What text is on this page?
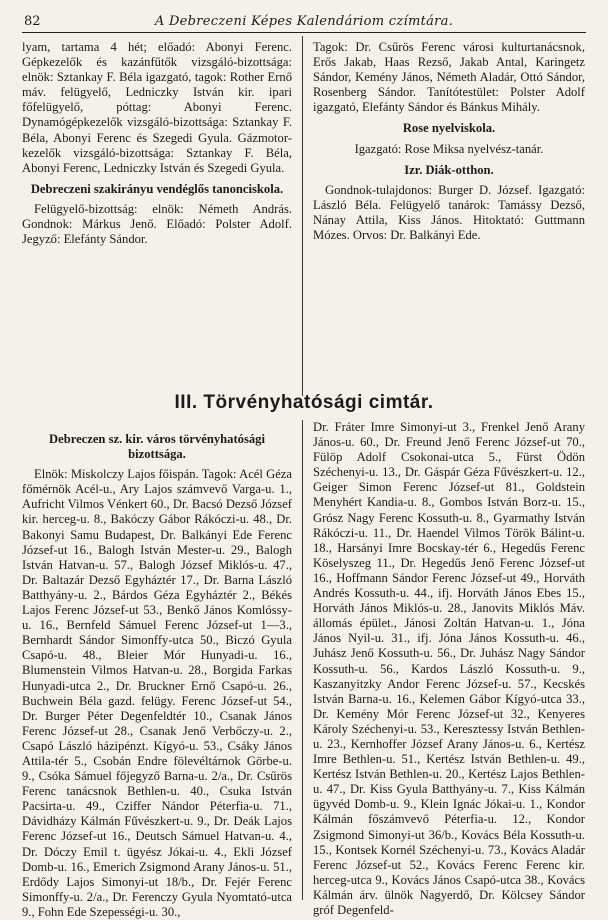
82	A Debreczeni Képes Kalendáriom czímtára.

lyam, tartama 4 hét; előadó: Abonyi Ferenc. Gépkezelők és kazánfűtők vizsgáló-bizottsága: elnök: Sztankay F. Béla igazgató, tagok: Rother Ernő máv. felügyelő, Ledniczky István kir. ipari főfelügyelő, póttag: Abonyi Ferenc. Dynamógépkezelők vizsgáló-bizottsága: Sztankay F. Béla, Abonyi Ferenc és Szegedi Gyula. Gázmotor-kezelők vizsgáló-bizottsága: Sztankay F. Béla, Abonyi Ferenc, Ledniczky István és Szegedi Gyula.

Debreczeni szakirányu vendéglős tanonciskola.

Felügyelő-bizottság: elnök: Németh András. Gondnok: Márkus Jenő. Előadó: Polster Adolf. Jegyző: Elefánty Sándor.

Tagok: Dr. Csűrös Ferenc városi kulturtanácsnok, Erős Jakab, Haas Rezső, Jakab Antal, Karingetz Sándor, Kemény János, Németh Aladár, Ottó Sándor, Rosenberg Sándor. Tanítótestület: Polster Adolf igazgató, Elefánty Sándor és Bánkus Mihály.

Rose nyelviskola.

Igazgató: Rose Miksa nyelvész-tanár.

Izr. Diák-otthon.

Gondnok-tulajdonos: Burger D. József. Igazgató: László Béla. Felügyelő tanárok: Tamássy Dezső, Nánay Attila, Kiss János. Hitoktató: Guttmann Mózes. Orvos: Dr. Balkányi Ede.

III. Törvényhatósági cimtár.

Debreczen sz. kir. város törvényhatósági bizottsága.

Elnök: Miskolczy Lajos főispán. Tagok: Acél Géza főmérnök Acél-u., Ary Lajos számvevő Varga-u. 1., Aufricht Vilmos Vénkert 60., Dr. Bacsó Dezső József kir. herceg-u. 8., Bakóczy Gábor Rákóczi-u. 48., Dr. Bakonyi Samu Budapest, Dr. Balkányi Ede Ferenc József-ut 16., Balogh István Mester-u. 29., Balogh István Hatvan-u. 57., Balogh József Miklós-u. 47., Dr. Baltazár Dezső Egyháztér 17., Dr. Barna László Batthyány-u. 2., Bárdos Géza Egyháztér 2., Békés Lajos Ferenc József-ut 53., Benkő János Komlóssy-u. 16., Bernfeld Sámuel Ferenc József-ut 1—3., Bernhardt Sándor Simonffy-utca 50., Biczó Gyula Csapó-u. 48., Bleier Mór Hunyadi-u. 16., Blumenstein Vilmos Hatvan-u. 28., Borgida Farkas Hunyadi-utca 2., Dr. Bruckner Ernő Csapó-u. 26., Buchwein Béla gazd. felügy. Ferenc József-ut 54., Dr. Burger Péter Degenfeldtér 10., Csanak János Ferenc József-ut 28., Csanak Jenő Verbőczy-u. 2., Csapó László házipénzt. Kígyó-u. 53., Csáky János Attila-tér 5., Csobán Endre fölevéltárnok Görbe-u. 9., Csóka Sámuel főjegyző Barna-u. 2/a., Dr. Csűrös Ferenc tanácsnok Bethlen-u. 40., Csuka István Pacsirta-u. 49., Cziffer Nándor Péterfia-u. 71., Dávidházy Kálmán Fűvészkert-u. 9., Dr. Deák Lajos Ferenc József-ut 16., Deutsch Sámuel Hatvan-u. 4., Dr. Dóczy Emil t. ügyész Jókai-u. 4., Ekli József Domb-u. 16., Emerich Zsigmond Arany János-u. 51., Erdődy Lajos Simonyi-ut 18/b., Dr. Fejér Ferenc Simonffy-u. 2/a., Dr. Ferenczy Gyula Nyomtató-utca 9., Fohn Ede Szepességi-u. 30.,

Dr. Fráter Imre Simonyi-ut 3., Frenkel Jenő Arany János-u. 60., Dr. Freund Jenő Ferenc József-ut 70., Fülöp Adolf Csokonai-utca 5., Fürst Ödön Széchenyi-u. 13., Dr. Gáspár Géza Fűvészkert-u. 12., Geiger Simon Ferenc József-ut 81., Goldstein Menyhért Kandia-u. 8., Gombos István Borz-u. 15., Grósz Nagy Ferenc Kossuth-u. 8., Gyarmathy István Rákóczi-u. 11., Dr. Haendel Vilmos Török Bálint-u. 18., Harsányi Imre Bocskay-tér 6., Hegedűs Ferenc Köselyszeg 11., Dr. Hegedűs Jenő Ferenc József-ut 16., Hoffmann Sándor Ferenc József-ut 49., Horváth Andrés Kossuth-u. 44., ifj. Horváth János Ebes 15., Horváth János Miklós-u. 28., Janovits Miklós Máv. állomás épület., Jánosi Zoltán Hatvan-u. 1., Jóna János Nyil-u. 31., ifj. Jóna János Kossuth-u. 46., Juhász Jenő Kossuth-u. 56., Dr. Juhász Nagy Sándor Kossuth-u. 56., Kardos László Kossuth-u. 9., Kaszanyitzky Andor Ferenc József-u. 57., Kecskés István Barna-u. 16., Kelemen Gábor Kígyó-utca 33., Dr. Kemény Mór Ferenc József-ut 32., Kenyeres Károly Széchenyi-u. 53., Keresztessy István Bethlen-u. 23., Kernhoffer József Arany János-u. 6., Kertész Imre Bethlen-u. 51., Kertész István Bethlen-u. 49., Kertész István Bethlen-u. 20., Kertész Lajos Bethlen-u. 47., Dr. Kiss Gyula Batthyány-u. 7., Kiss Kálmán ügyvéd Domb-u. 9., Klein Ignác Jókai-u. 1., Kondor Kálmán főszámvevő Péterfia-u. 12., Kondor Zsigmond Simonyi-ut 36/b., Kovács Béla Kossuth-u. 15., Kontsek Kornél Széchenyi-u. 73., Kovács Aladár Ferenc József-ut 52., Kovács Ferenc Ferenc kir. herceg-utca 9., Kovács János Csapó-utca 38., Kovács Kálmán árv. ülnök Nagyerdő, Dr. Kölcsey Sándor gróf Degenfeld-
